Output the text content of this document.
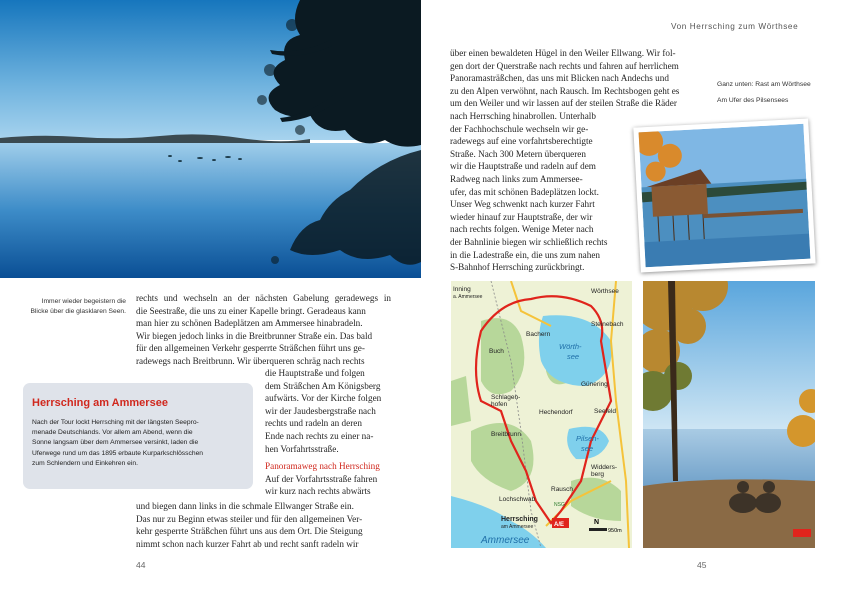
Immer wieder begeistern die
Blicke über die glasklaren Seen.
rechts und wechseln an der nächsten Gabelung geradewegs in
die Seestraße, die uns zu einer Kapelle bringt. Geradeaus kann
man hier zu schönen Badeplätzen am Ammersee hinabradeln.
Wir biegen jedoch links in die Breitbrunner Straße ein. Das bald
für den allgemeinen Verkehr gesperrte Sträßchen führt uns ge-
radewegs nach Breitbrunn. Wir überqueren schräg nach rechts
die Hauptstraße und folgen
dem Sträßchen Am Königsberg
aufwärts. Vor der Kirche folgen
wir der Jaudesbergstraße nach
rechts und radeln an deren
Ende nach rechts zu einer na-
hen Vorfahrtsstraße.
Panoramaweg nach Herrsching
Auf der Vorfahrtsstraße fahren
wir kurz nach rechts abwärts
und biegen dann links in die schmale Ellwanger Straße ein.
Das nur zu Beginn etwas steiler und für den allgemeinen Ver-
kehr gesperrte Sträßchen führt uns aus dem Ort. Die Steigung
nimmt schon nach kurzer Fahrt ab und recht sanft radeln wir
Herrsching am Ammersee
Nach der Tour lockt Herrsching mit der längsten Seepro-
menade Deutschlands. Vor allem am Abend, wenn die
Sonne langsam über dem Ammersee versinkt, laden die
Uferwege rund um das 1895 erbaute Kurparkschlösschen
zum Schlendern und Einkehren ein.
44
Von Herrsching zum Wörthsee
über einen bewaldeten Hügel in den Weiler Ellwang. Wir fol-
gen dort der Querstraße nach rechts und fahren auf herrlichem
Panoramasträßchen, das uns mit Blicken nach Andechs und
zu den Alpen verwöhnt, nach Rausch. Im Rechtsbogen geht es
um den Weiler und wir lassen auf der steilen Straße die Räder
nach Herrsching hinabrollen. Unterhalb
der Fachhochschule wechseln wir ge-
radewegs auf eine vorfahrtsberechtigte
Straße. Nach 300 Metern überqueren
wir die Hauptstraße und radeln auf dem
Radweg nach links zum Ammersee-
ufer, das mit schönen Badeplätzen lockt.
Unser Weg schwenkt nach kurzer Fahrt
wieder hinauf zur Hauptstraße, der wir
nach rechts folgen. Wenige Meter nach
der Bahnlinie biegen wir schließlich rechts
in die Ladestraße ein, die uns zum nahen
S-Bahnhof Herrsching zurückbringt.
Ganz unten: Rast am Wörthsee
Am Ufer des Pilsensees
Inning
a. Ammersee
Wörthsee
Bachern
Steinebach
Buch
Schlagen-
hofen
Hechendorf	Seefeld
Günering
Breitbrunn
Rausch
Widders-
berg
Lochschwab
NSG
Herrsching
am Ammersee
Wörth-
see
Pilsen-
see
Ammersee
A/E	N
950m
45
